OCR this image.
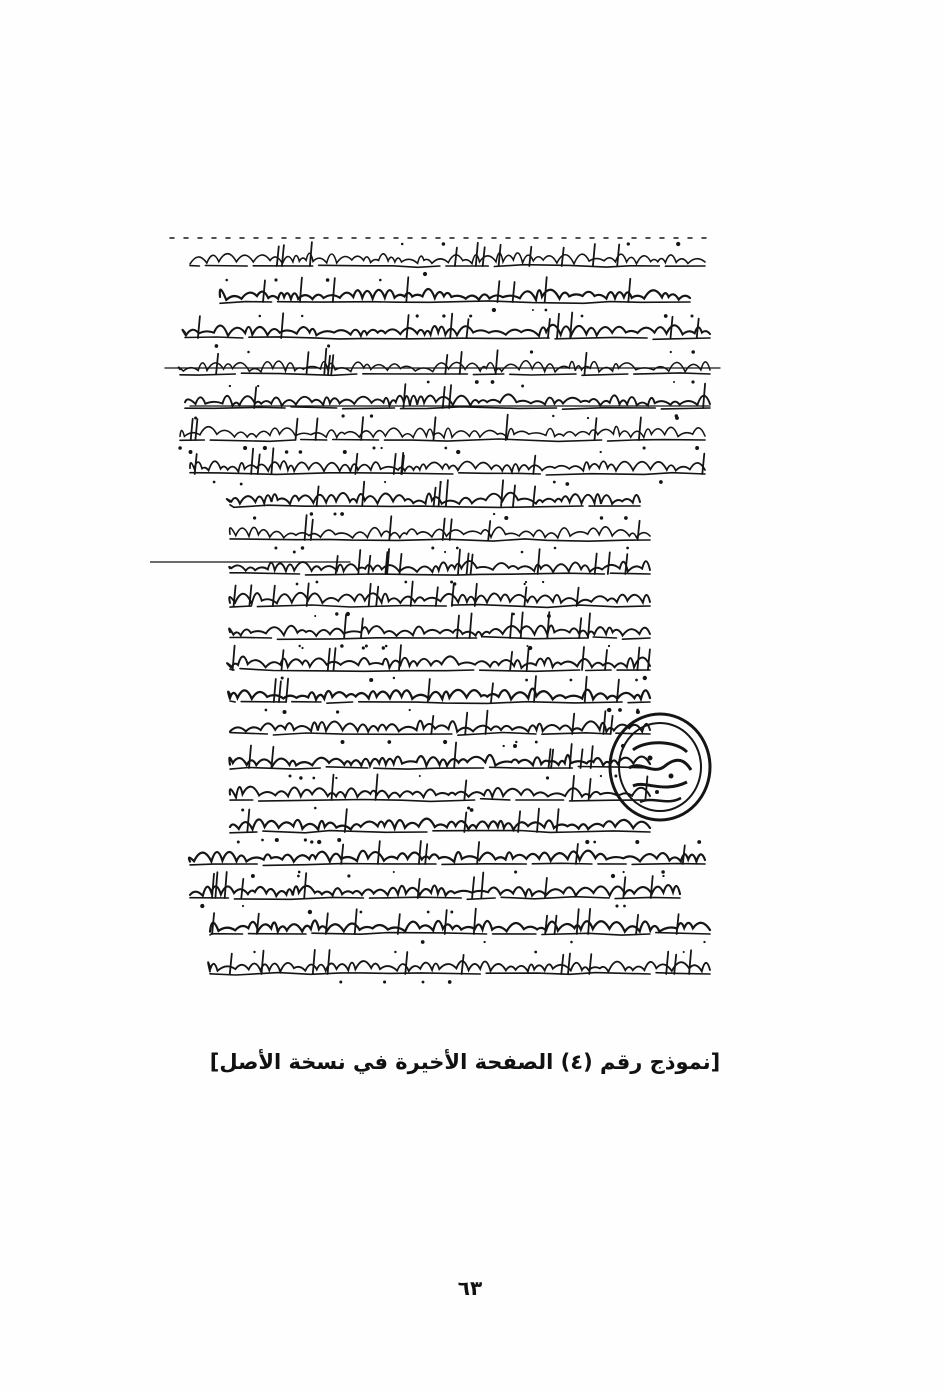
[نموذج رقم (٤) الصفحة الأخيرة في نسخة الأصل]
٦٣
